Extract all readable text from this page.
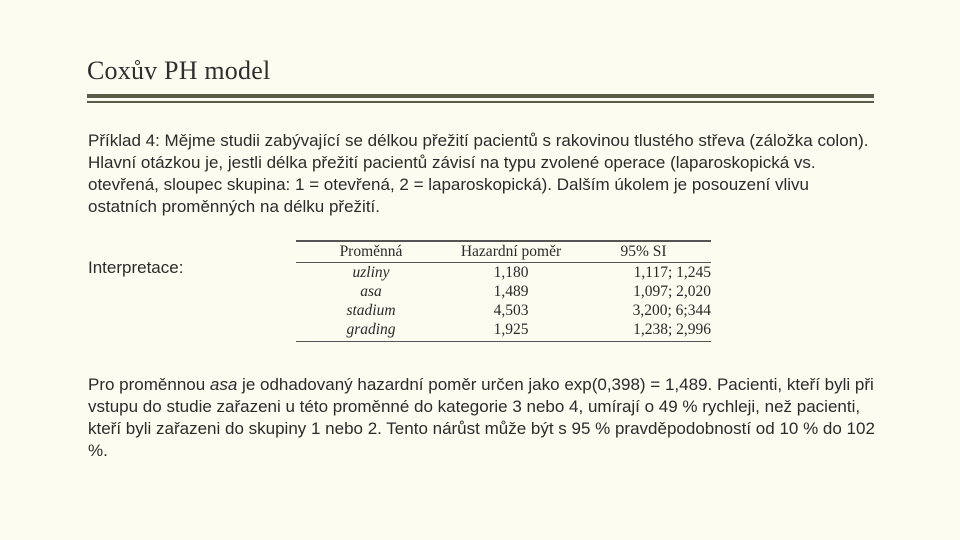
Coxův PH model
Příklad 4: Mějme studii zabývající se délkou přežití pacientů s rakovinou tlustého střeva (záložka colon). Hlavní otázkou je, jestli délka přežití pacientů závisí na typu zvolené operace (laparoskopická vs. otevřená, sloupec skupina: 1 = otevřená, 2 = laparoskopická). Dalším úkolem je posouzení vlivu ostatních proměnných na délku přežití.
Interpretace:
Proměnná	Hazardní poměr	95% SI
uzliny	1,180	1,117; 1,245
asa	1,489	1,097; 2,020
stadium	4,503	3,200; 6;344
grading	1,925	1,238; 2,996
Pro proměnnou asa je odhadovaný hazardní poměr určen jako exp(0,398) = 1,489. Pacienti, kteří byli při vstupu do studie zařazeni u této proměnné do kategorie 3 nebo 4, umírají o 49 % rychleji, než pacienti, kteří byli zařazeni do skupiny 1 nebo 2. Tento nárůst může být s 95 % pravděpodobností od 10 % do 102 %.
